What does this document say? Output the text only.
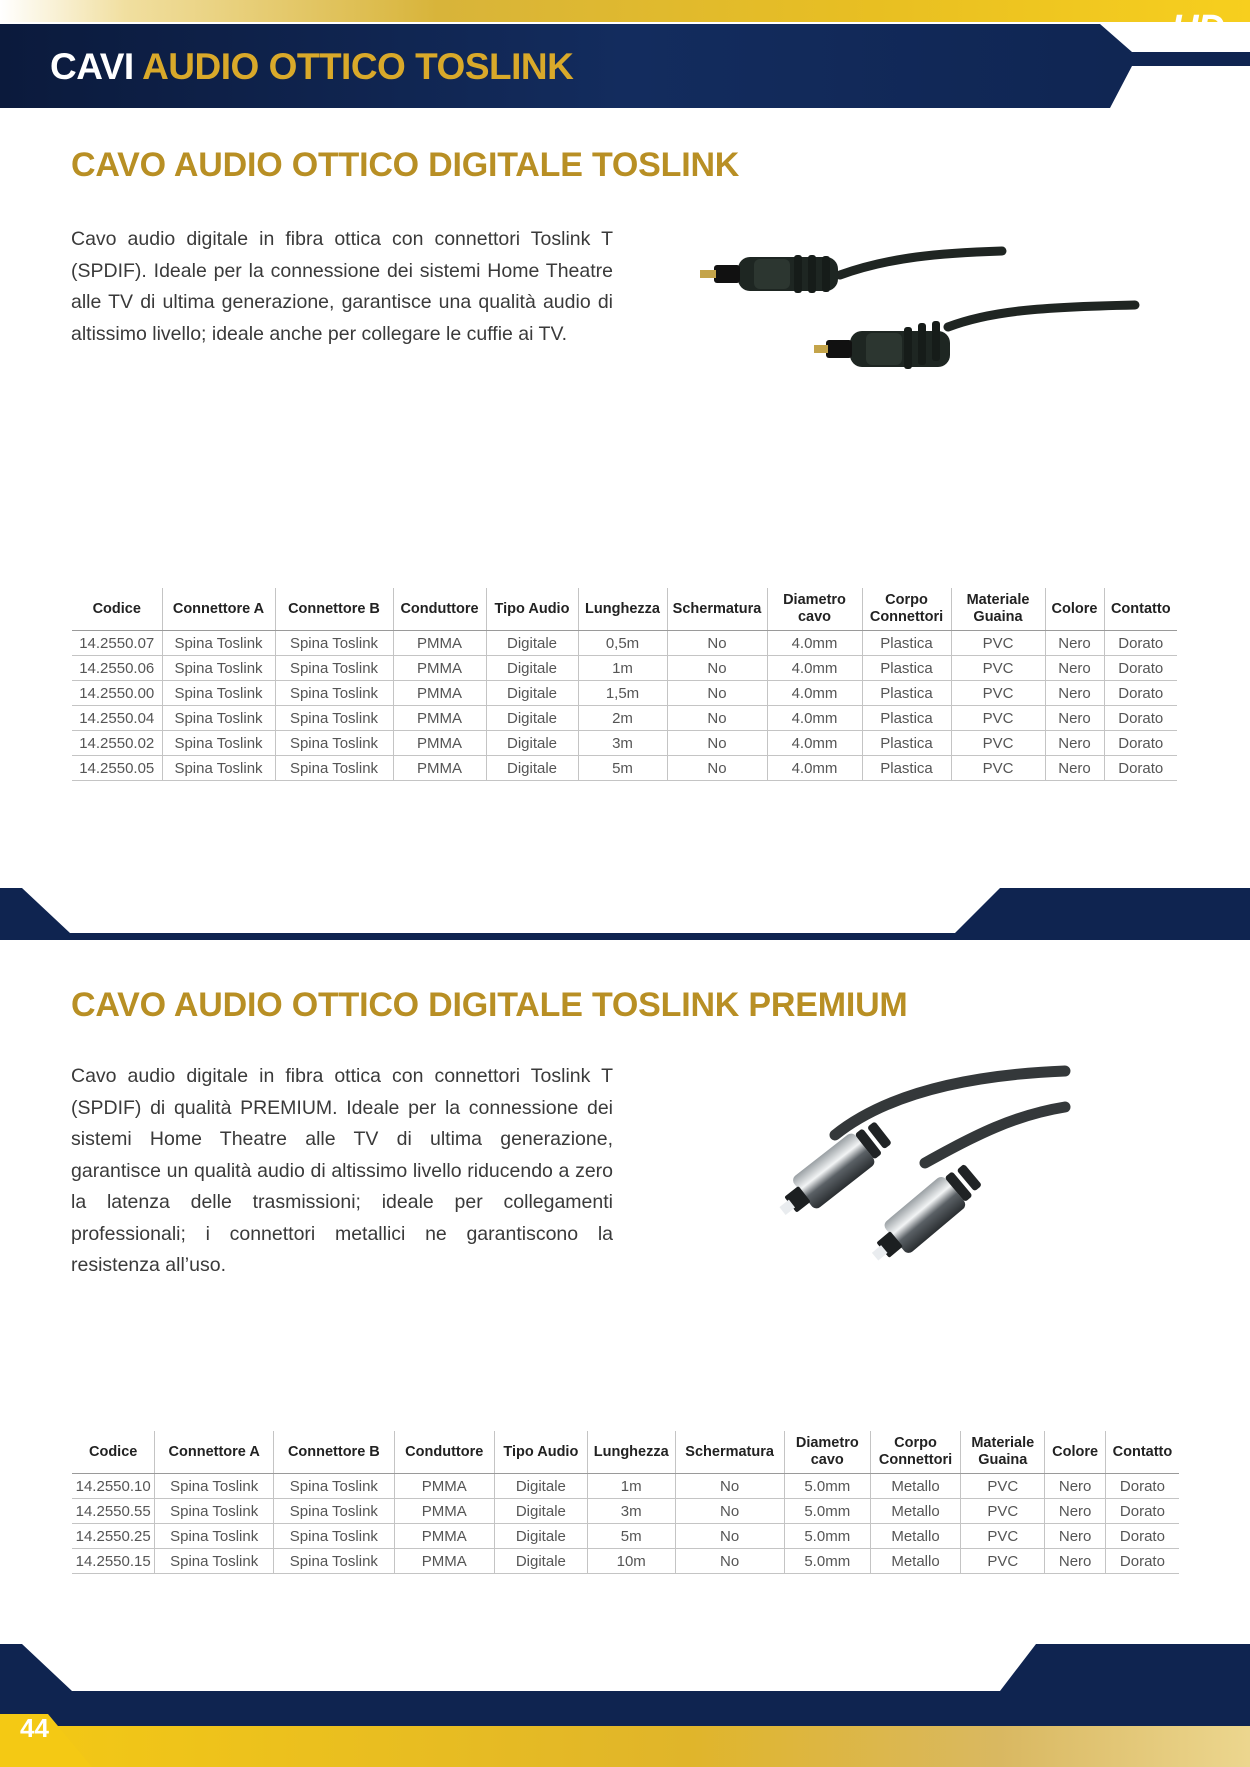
CAVI AUDIO OTTICO TOSLINK
HD
CAVO AUDIO OTTICO DIGITALE TOSLINK
Cavo audio digitale in fibra ottica con connettori Toslink T (SPDIF). Ideale per la connessione dei sistemi Home Theatre alle TV di ultima generazione, garantisce una qualità audio di altissimo livello; ideale anche per collegare le cuffie ai TV.
Codice	Connettore A	Connettore B	Conduttore	Tipo Audio	Lunghezza	Schermatura	Diametro cavo	Corpo Connettori	Materiale Guaina	Colore	Contatto
14.2550.07	Spina Toslink	Spina Toslink	PMMA	Digitale	0,5m	No	4.0mm	Plastica	PVC	Nero	Dorato
14.2550.06	Spina Toslink	Spina Toslink	PMMA	Digitale	1m	No	4.0mm	Plastica	PVC	Nero	Dorato
14.2550.00	Spina Toslink	Spina Toslink	PMMA	Digitale	1,5m	No	4.0mm	Plastica	PVC	Nero	Dorato
14.2550.04	Spina Toslink	Spina Toslink	PMMA	Digitale	2m	No	4.0mm	Plastica	PVC	Nero	Dorato
14.2550.02	Spina Toslink	Spina Toslink	PMMA	Digitale	3m	No	4.0mm	Plastica	PVC	Nero	Dorato
14.2550.05	Spina Toslink	Spina Toslink	PMMA	Digitale	5m	No	4.0mm	Plastica	PVC	Nero	Dorato
CAVO AUDIO OTTICO DIGITALE TOSLINK PREMIUM
Cavo audio digitale in fibra ottica con connettori Toslink T (SPDIF) di qualità PREMIUM. Ideale per la connessione dei sistemi Home Theatre alle TV di ultima generazione, garantisce un qualità audio di altissimo livello riducendo a zero la latenza delle trasmissioni; ideale per collegamenti professionali; i connettori metallici ne garantiscono la resistenza all’uso.
Codice	Connettore A	Connettore B	Conduttore	Tipo Audio	Lunghezza	Schermatura	Diametro cavo	Corpo Connettori	Materiale Guaina	Colore	Contatto
14.2550.10	Spina Toslink	Spina Toslink	PMMA	Digitale	1m	No	5.0mm	Metallo	PVC	Nero	Dorato
14.2550.55	Spina Toslink	Spina Toslink	PMMA	Digitale	3m	No	5.0mm	Metallo	PVC	Nero	Dorato
14.2550.25	Spina Toslink	Spina Toslink	PMMA	Digitale	5m	No	5.0mm	Metallo	PVC	Nero	Dorato
14.2550.15	Spina Toslink	Spina Toslink	PMMA	Digitale	10m	No	5.0mm	Metallo	PVC	Nero	Dorato
44
